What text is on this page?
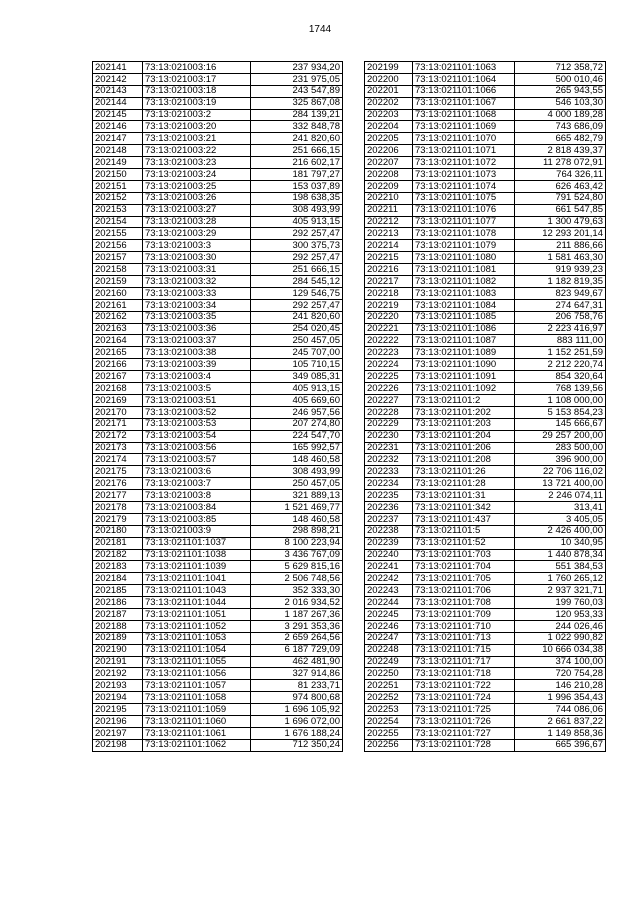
1744
202141	73:13:021003:16	237 934,20
202142	73:13:021003:17	231 975,05
202143	73:13:021003:18	243 547,89
202144	73:13:021003:19	325 867,08
202145	73:13:021003:2	284 139,21
202146	73:13:021003:20	332 848,78
202147	73:13:021003:21	241 820,60
202148	73:13:021003:22	251 666,15
202149	73:13:021003:23	216 602,17
202150	73:13:021003:24	181 797,27
202151	73:13:021003:25	153 037,89
202152	73:13:021003:26	198 638,35
202153	73:13:021003:27	308 493,99
202154	73:13:021003:28	405 913,15
202155	73:13:021003:29	292 257,47
202156	73:13:021003:3	300 375,73
202157	73:13:021003:30	292 257,47
202158	73:13:021003:31	251 666,15
202159	73:13:021003:32	284 545,12
202160	73:13:021003:33	129 546,75
202161	73:13:021003:34	292 257,47
202162	73:13:021003:35	241 820,60
202163	73:13:021003:36	254 020,45
202164	73:13:021003:37	250 457,05
202165	73:13:021003:38	245 707,00
202166	73:13:021003:39	105 710,15
202167	73:13:021003:4	349 085,31
202168	73:13:021003:5	405 913,15
202169	73:13:021003:51	405 669,60
202170	73:13:021003:52	246 957,56
202171	73:13:021003:53	207 274,80
202172	73:13:021003:54	224 547,70
202173	73:13:021003:56	165 992,57
202174	73:13:021003:57	148 460,58
202175	73:13:021003:6	308 493,99
202176	73:13:021003:7	250 457,05
202177	73:13:021003:8	321 889,13
202178	73:13:021003:84	1 521 469,77
202179	73:13:021003:85	148 460,58
202180	73:13:021003:9	298 898,21
202181	73:13:021101:1037	8 100 223,94
202182	73:13:021101:1038	3 436 767,09
202183	73:13:021101:1039	5 629 815,16
202184	73:13:021101:1041	2 506 748,56
202185	73:13:021101:1043	352 333,30
202186	73:13:021101:1044	2 016 934,52
202187	73:13:021101:1051	1 187 267,36
202188	73:13:021101:1052	3 291 353,36
202189	73:13:021101:1053	2 659 264,56
202190	73:13:021101:1054	6 187 729,09
202191	73:13:021101:1055	462 481,90
202192	73:13:021101:1056	327 914,86
202193	73:13:021101:1057	81 233,71
202194	73:13:021101:1058	974 800,68
202195	73:13:021101:1059	1 696 105,92
202196	73:13:021101:1060	1 696 072,00
202197	73:13:021101:1061	1 676 188,24
202198	73:13:021101:1062	712 350,24
202199	73:13:021101:1063	712 358,72
202200	73:13:021101:1064	500 010,46
202201	73:13:021101:1066	265 943,55
202202	73:13:021101:1067	546 103,30
202203	73:13:021101:1068	4 000 189,28
202204	73:13:021101:1069	743 686,09
202205	73:13:021101:1070	665 482,79
202206	73:13:021101:1071	2 818 439,37
202207	73:13:021101:1072	11 278 072,91
202208	73:13:021101:1073	764 326,11
202209	73:13:021101:1074	626 463,42
202210	73:13:021101:1075	791 524,80
202211	73:13:021101:1076	661 547,85
202212	73:13:021101:1077	1 300 479,63
202213	73:13:021101:1078	12 293 201,14
202214	73:13:021101:1079	211 886,66
202215	73:13:021101:1080	1 581 463,30
202216	73:13:021101:1081	919 939,23
202217	73:13:021101:1082	1 182 819,35
202218	73:13:021101:1083	823 949,67
202219	73:13:021101:1084	274 647,31
202220	73:13:021101:1085	206 758,76
202221	73:13:021101:1086	2 223 416,97
202222	73:13:021101:1087	883 111,00
202223	73:13:021101:1089	1 152 251,59
202224	73:13:021101:1090	2 212 220,74
202225	73:13:021101:1091	854 320,64
202226	73:13:021101:1092	768 139,56
202227	73:13:021101:2	1 108 000,00
202228	73:13:021101:202	5 153 854,23
202229	73:13:021101:203	145 666,67
202230	73:13:021101:204	29 257 200,00
202231	73:13:021101:206	283 500,00
202232	73:13:021101:208	396 900,00
202233	73:13:021101:26	22 706 116,02
202234	73:13:021101:28	13 721 400,00
202235	73:13:021101:31	2 246 074,11
202236	73:13:021101:342	313,41
202237	73:13:021101:437	3 405,05
202238	73:13:021101:5	2 426 400,00
202239	73:13:021101:52	10 340,95
202240	73:13:021101:703	1 440 878,34
202241	73:13:021101:704	551 384,53
202242	73:13:021101:705	1 760 265,12
202243	73:13:021101:706	2 937 321,71
202244	73:13:021101:708	199 760,03
202245	73:13:021101:709	120 953,33
202246	73:13:021101:710	244 026,46
202247	73:13:021101:713	1 022 990,82
202248	73:13:021101:715	10 666 034,38
202249	73:13:021101:717	374 100,00
202250	73:13:021101:718	720 754,28
202251	73:13:021101:722	146 210,28
202252	73:13:021101:724	1 996 354,43
202253	73:13:021101:725	744 086,06
202254	73:13:021101:726	2 661 837,22
202255	73:13:021101:727	1 149 858,36
202256	73:13:021101:728	665 396,67
